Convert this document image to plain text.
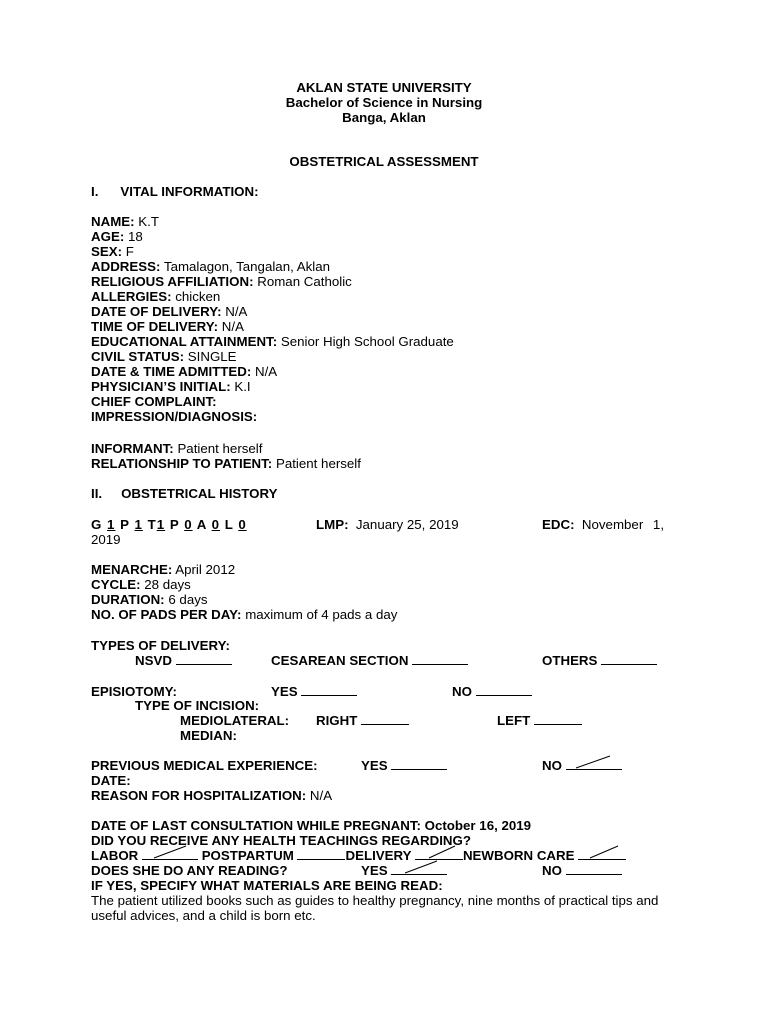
AKLAN STATE UNIVERSITY
Bachelor of Science in Nursing
Banga, Aklan
OBSTETRICAL ASSESSMENT
I. VITAL INFORMATION:
NAME: K.T
AGE: 18
SEX: F
ADDRESS: Tamalagon, Tangalan, Aklan
RELIGIOUS AFFILIATION: Roman Catholic
ALLERGIES: chicken
DATE OF DELIVERY: N/A
TIME OF DELIVERY: N/A
EDUCATIONAL ATTAINMENT: Senior High School Graduate
CIVIL STATUS: SINGLE
DATE & TIME ADMITTED: N/A
PHYSICIAN’S INITIAL: K.I
CHIEF COMPLAINT:
IMPRESSION/DIAGNOSIS:
INFORMANT: Patient herself
RELATIONSHIP TO PATIENT: Patient herself
II. OBSTETRICAL HISTORY
G 1 P 1 T1 P 0 A 0 L 0	LMP: January 25, 2019	EDC: November 1,
2019
MENARCHE: April 2012
CYCLE: 28 days
DURATION: 6 days
NO. OF PADS PER DAY: maximum of 4 pads a day
TYPES OF DELIVERY:
NSVD	CESAREAN SECTION	OTHERS
EPISIOTOMY:	YES	NO
TYPE OF INCISION:
MEDIOLATERAL: RIGHT	LEFT
MEDIAN:
PREVIOUS MEDICAL EXPERIENCE:	YES	NO
DATE:
REASON FOR HOSPITALIZATION: N/A
DATE OF LAST CONSULTATION WHILE PREGNANT: October 16, 2019
DID YOU RECEIVE ANY HEALTH TEACHINGS REGARDING?
LABOR	POSTPARTUM	DELIVERY	NEWBORN CARE
DOES SHE DO ANY READING?	YES	NO
IF YES, SPECIFY WHAT MATERIALS ARE BEING READ:
The patient utilized books such as guides to healthy pregnancy, nine months of practical tips and useful advices, and a child is born etc.
